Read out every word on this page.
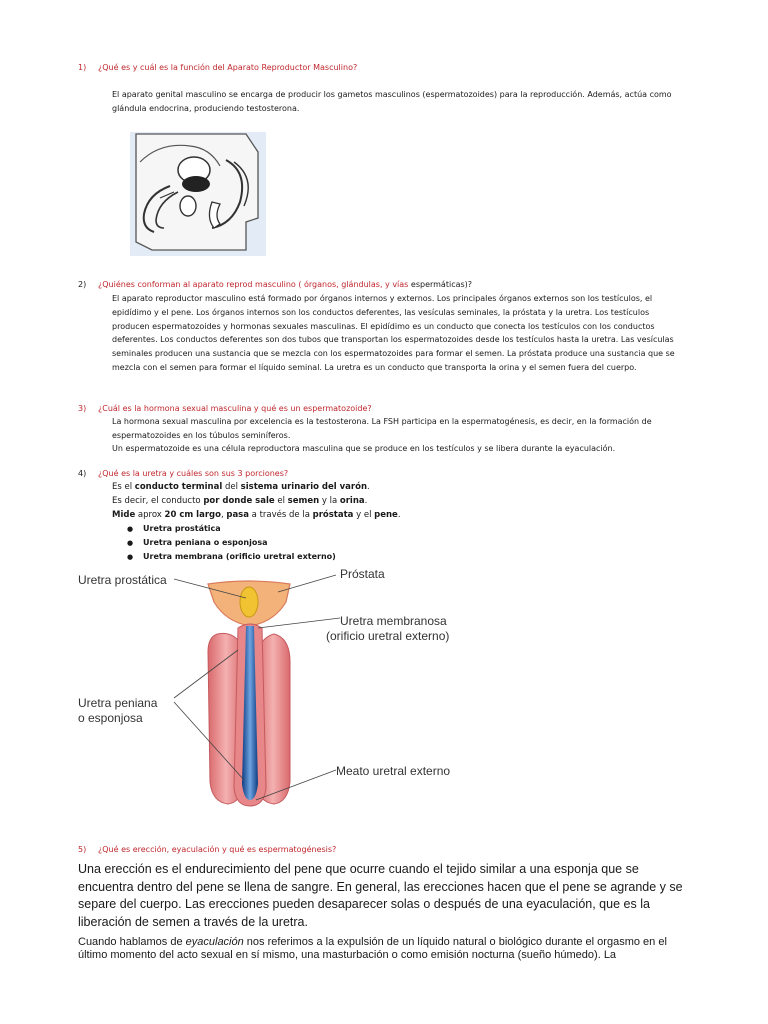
1) ¿Qué es y cuál es la función del Aparato Reproductor Masculino?
El aparato genital masculino se encarga de producir los gametos masculinos (espermatozoides) para la reproducción. Además, actúa como glándula endocrina, produciendo testosterona.
2) ¿Quiénes conforman al aparato reprod masculino ( órganos, glándulas, y vías espermáticas)?
El aparato reproductor masculino está formado por órganos internos y externos. Los principales órganos externos son los testículos, el epidídimo y el pene. Los órganos internos son los conductos deferentes, las vesículas seminales, la próstata y la uretra. Los testículos producen espermatozoides y hormonas sexuales masculinas. El epidídimo es un conducto que conecta los testículos con los conductos deferentes. Los conductos deferentes son dos tubos que transportan los espermatozoides desde los testículos hasta la uretra. Las vesículas seminales producen una sustancia que se mezcla con los espermatozoides para formar el semen. La próstata produce una sustancia que se mezcla con el semen para formar el líquido seminal. La uretra es un conducto que transporta la orina y el semen fuera del cuerpo.
3) ¿Cuál es la hormona sexual masculina y qué es un espermatozoide?
La hormona sexual masculina por excelencia es la testosterona. La FSH participa en la espermatogénesis, es decir, en la formación de espermatozoides en los túbulos seminíferos.
Un espermatozoide es una célula reproductora masculina que se produce en los testículos y se libera durante la eyaculación.
4) ¿Qué es la uretra y cuáles son sus 3 porciones?
Es el conducto terminal del sistema urinario del varón.
Es decir, el conducto por donde sale el semen y la orina.
Mide aprox 20 cm largo, pasa a través de la próstata y el pene.
● Uretra prostática
● Uretra peniana o esponjosa
● Uretra membrana (orificio uretral externo)
Uretra prostática	Próstata
Uretra membranosa
(orificio uretral externo)
Uretra peniana
o esponjosa
Meato uretral externo
5) ¿Qué es erección, eyaculación y qué es espermatogénesis?
Una erección es el endurecimiento del pene que ocurre cuando el tejido similar a una esponja que se encuentra dentro del pene se llena de sangre. En general, las erecciones hacen que el pene se agrande y se separe del cuerpo. Las erecciones pueden desaparecer solas o después de una eyaculación, que es la liberación de semen a través de la uretra.
Cuando hablamos de eyaculación nos referimos a la expulsión de un líquido natural o biológico durante el orgasmo en el último momento del acto sexual en sí mismo, una masturbación o como emisión nocturna (sueño húmedo). La
